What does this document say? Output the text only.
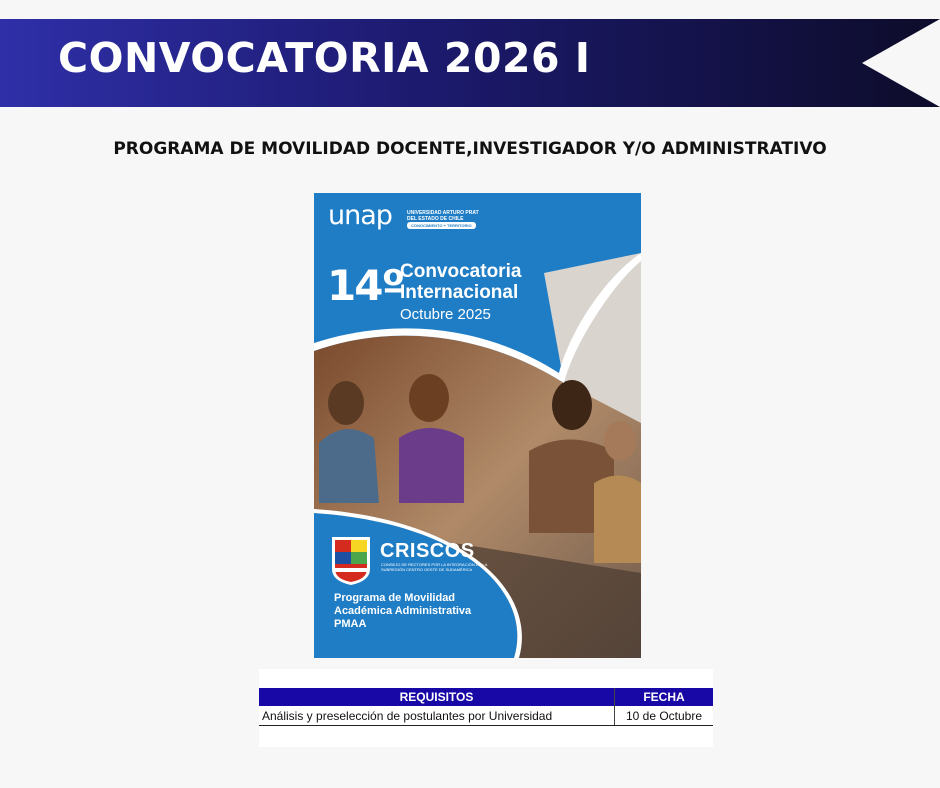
CONVOCATORIA 2026 I
PROGRAMA DE MOVILIDAD DOCENTE,INVESTIGADOR Y/O ADMINISTRATIVO
unap	UNIVERSIDAD ARTURO PRAT DEL ESTADO DE CHILE
CONOCIMIENTO + TERRITORIO
14º
Convocatoria
Internacional
Octubre 2025
CRISCOS
CONSEJO DE RECTORES POR LA INTEGRACIÓN DE LA SUBREGIÓN CENTRO OESTE DE SUDAMÉRICA
Programa de Movilidad Académica Administrativa PMAA
REQUISITOS	FECHA
Análisis y preselección de postulantes por Universidad	10 de Octubre
